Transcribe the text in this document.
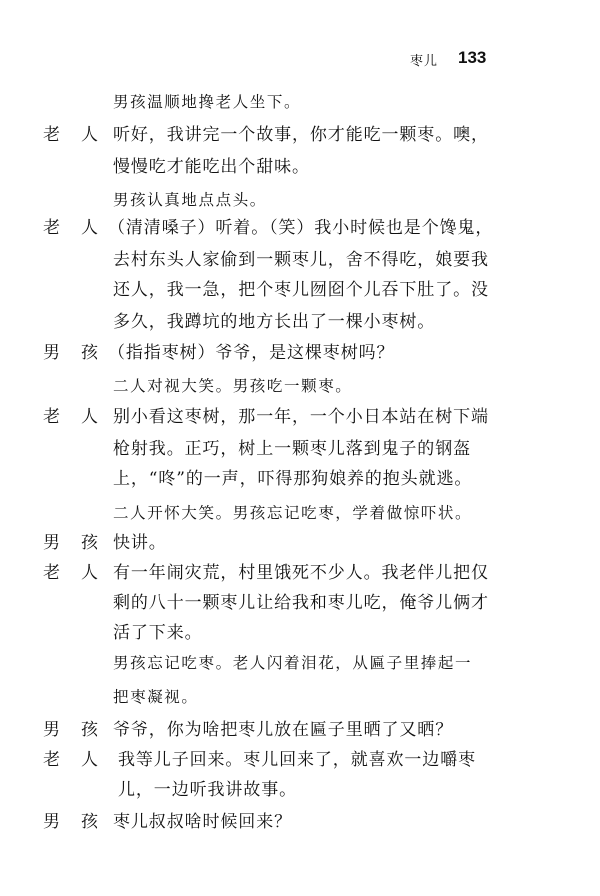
枣儿 133
男孩温顺地搀老人坐下。
老 人 听好，我讲完一个故事，你才能吃一颗枣。噢，
慢慢吃才能吃出个甜味。
男孩认真地点点头。
老 人 （清清嗓子）听着。（笑）我小时候也是个馋鬼，
去村东头人家偷到一颗枣儿，舍不得吃，娘要我
还人，我一急，把个枣儿囫囵个儿吞下肚了。没
多久，我蹲坑的地方长出了一棵小枣树。
男 孩 （指指枣树）爷爷，是这棵枣树吗？
二人对视大笑。男孩吃一颗枣。
老 人 别小看这枣树，那一年，一个小日本站在树下端
枪射我。正巧，树上一颗枣儿落到鬼子的钢盔
上，“咚”的一声，吓得那狗娘养的抱头就逃。
二人开怀大笑。男孩忘记吃枣，学着做惊吓状。
男 孩 快讲。
老 人 有一年闹灾荒，村里饿死不少人。我老伴儿把仅
剩的八十一颗枣儿让给我和枣儿吃，俺爷儿俩才
活了下来。
男孩忘记吃枣。老人闪着泪花，从匾子里捧起一
把枣凝视。
男 孩 爷爷，你为啥把枣儿放在匾子里晒了又晒？
老 人 我等儿子回来。枣儿回来了，就喜欢一边嚼枣
儿，一边听我讲故事。
男 孩 枣儿叔叔啥时候回来？
